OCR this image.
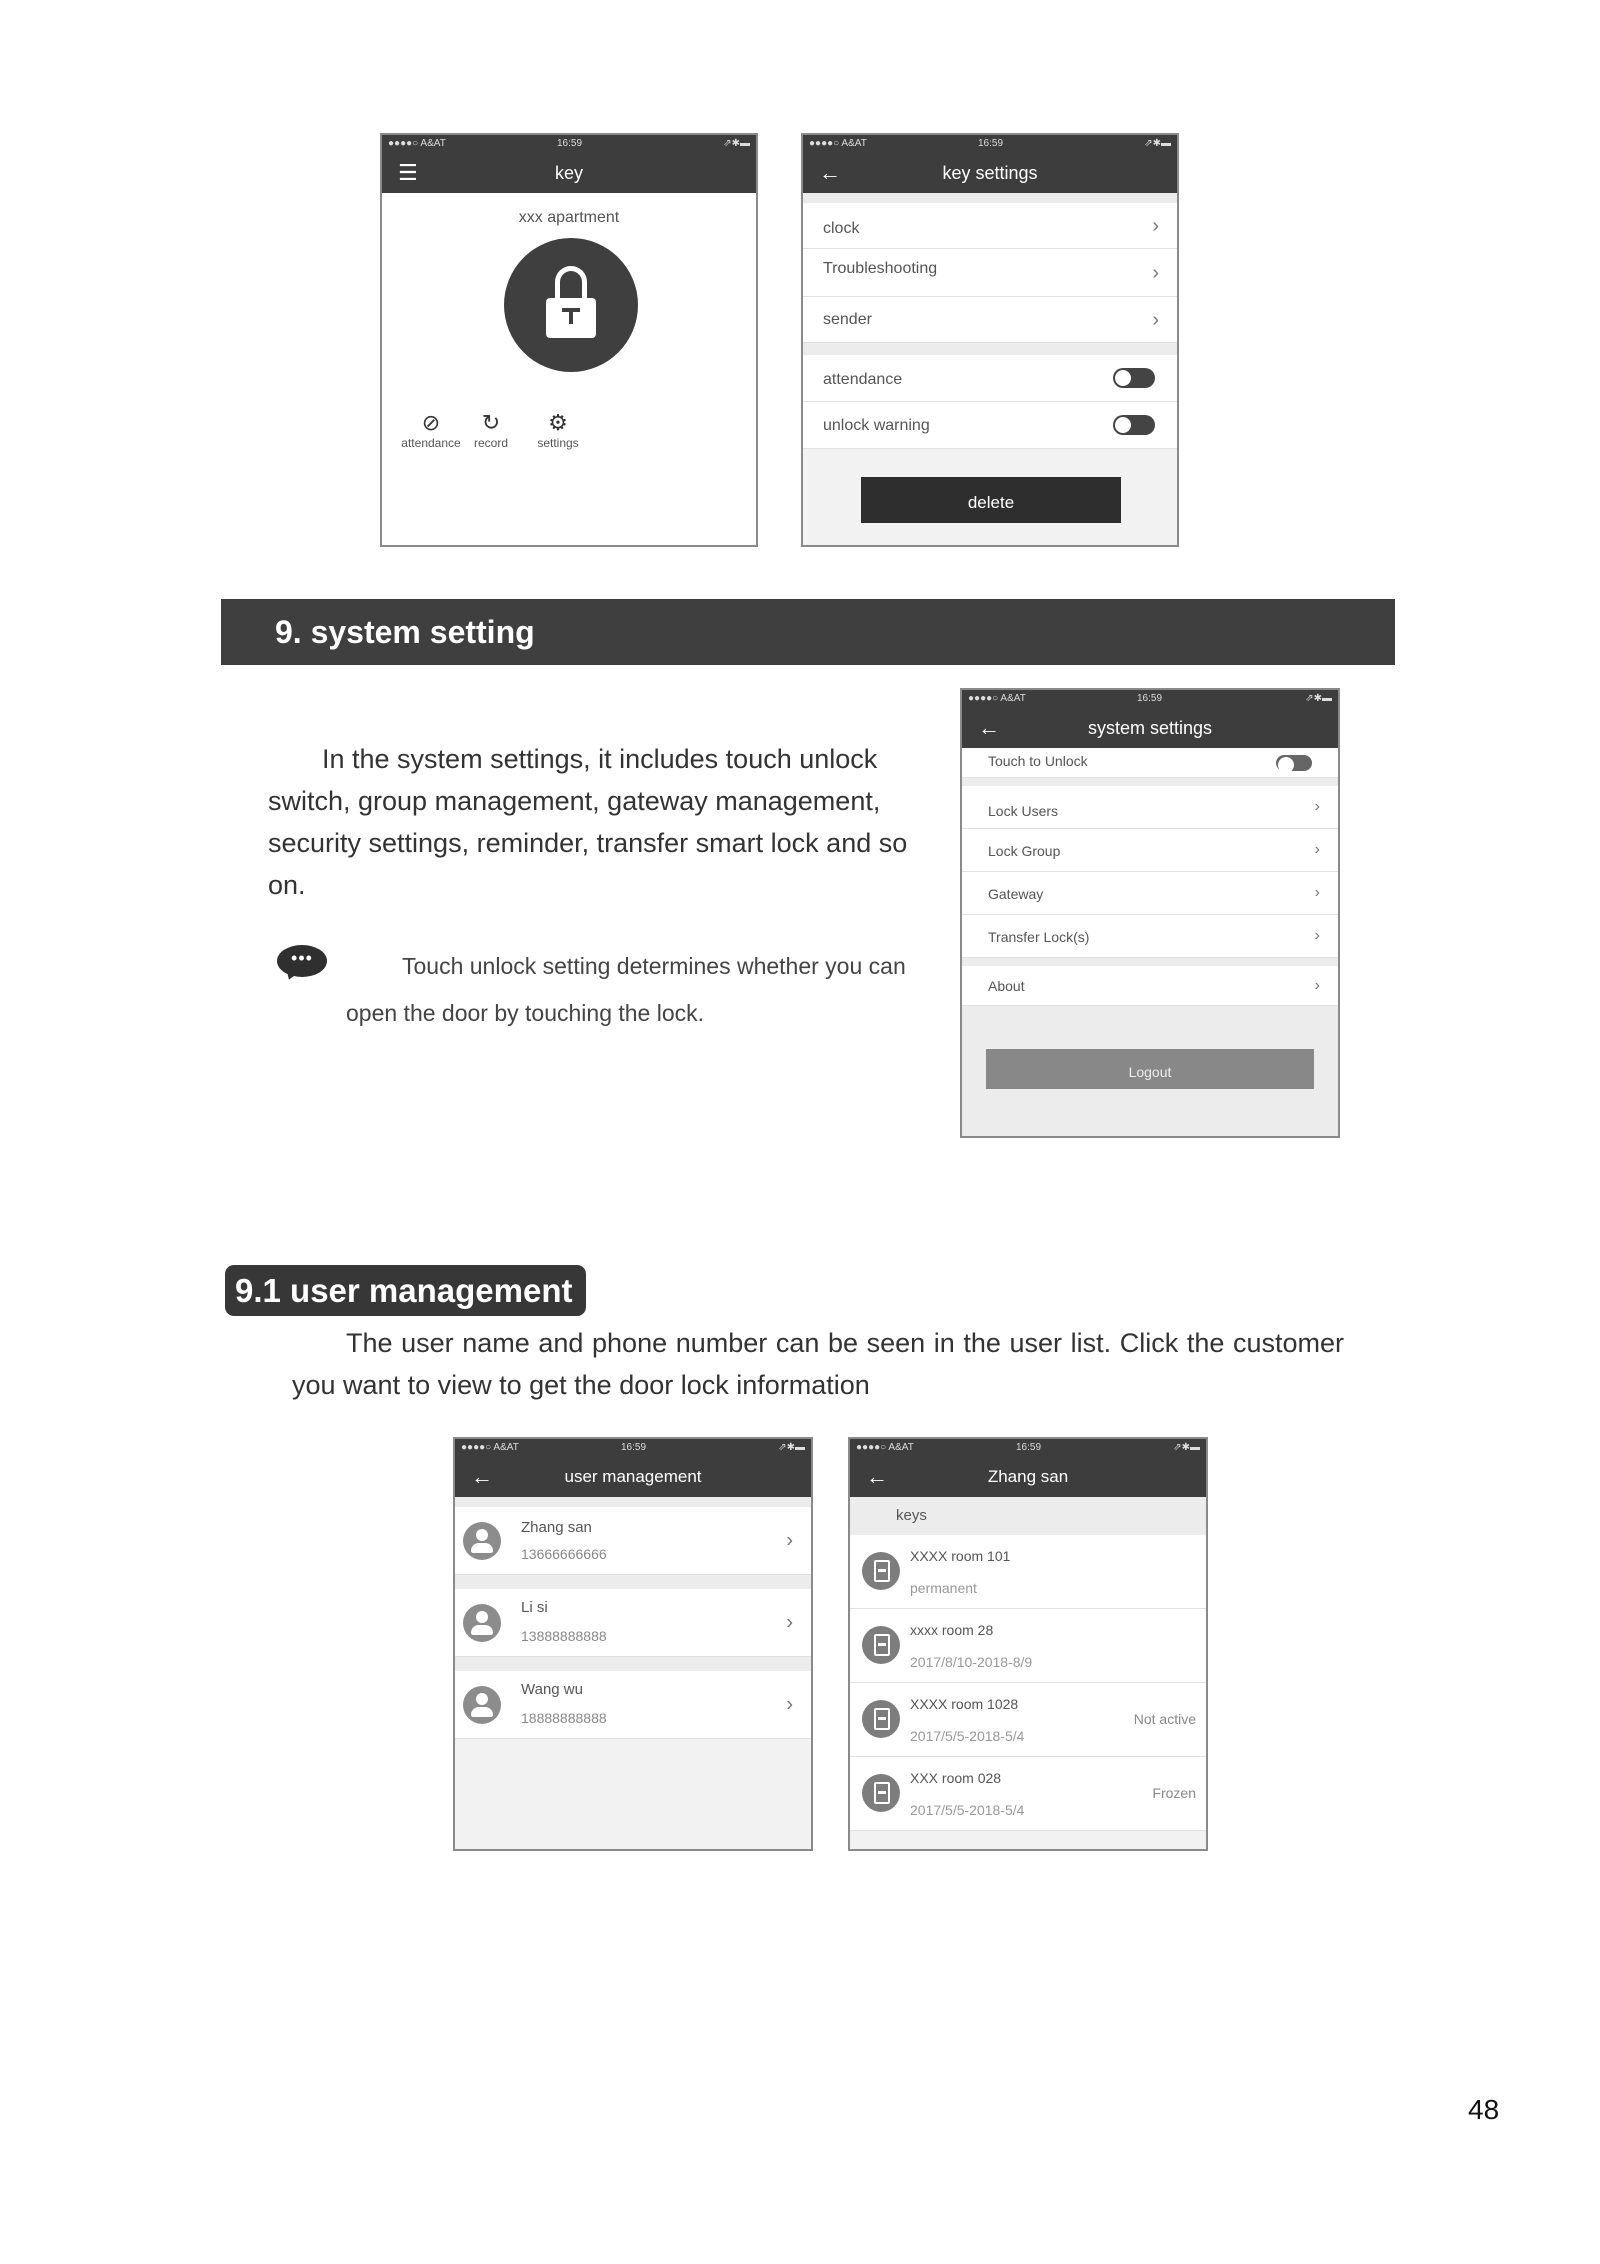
●●●●○ A&AT	16:59	⇗✱▬
☰	key
xxx apartment
⊘
attendance
↻
record
⚙
settings
●●●●○ A&AT	16:59	⇗✱▬
←	key settings
clock	›
Troubleshooting	›
sender	›
attendance
unlock warning
delete
9. system setting

In the system settings, it includes touch unlock switch, group management, gateway management, security settings, reminder, transfer smart lock and so on.

•••	Touch unlock setting determines whether you can open the door by touching the lock.

●●●●○ A&AT	16:59	⇗✱▬
←	system settings
Touch to Unlock
Lock Users	›
Lock Group	›
Gateway	›
Transfer Lock(s)	›
About	›
Logout
9.1 user management

The user name and phone number can be seen in the user list. Click the customer you want to view to get the door lock information

●●●●○ A&AT	16:59	⇗✱▬
←	user management
Zhang san
13666666666
›
Li si
13888888888
›
Wang wu
18888888888
›
●●●●○ A&AT	16:59	⇗✱▬
←	Zhang san
keys
XXXX room 101
permanent
xxxx room 28
2017/8/10-2018-8/9
XXXX room 1028
2017/5/5-2018-5/4
Not active
XXX room 028
2017/5/5-2018-5/4
Frozen
48
